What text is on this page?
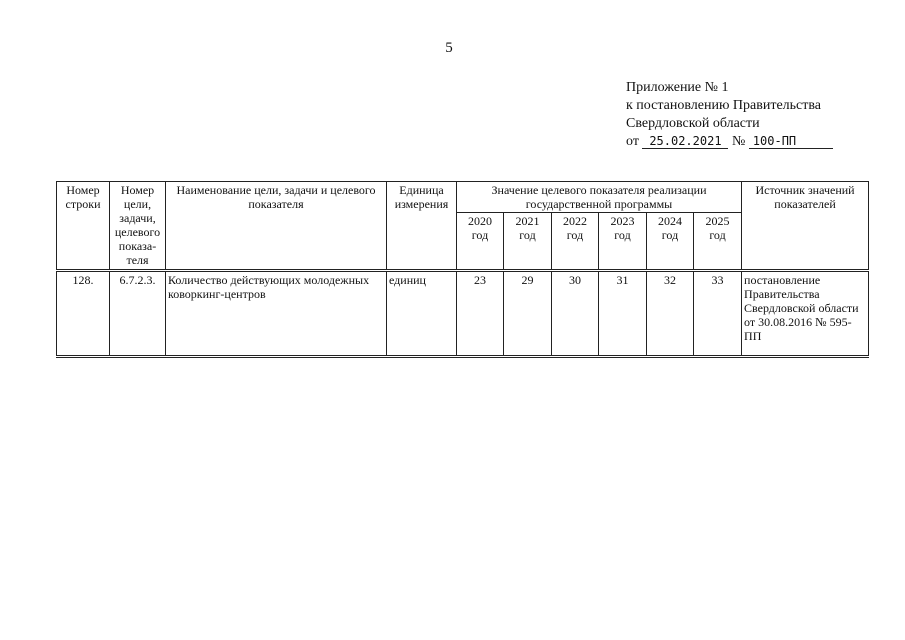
5
Приложение № 1
к постановлению Правительства
Свердловской области
от 25.02.2021 № 100-ПП
Номер строки	Номер цели, задачи, целевого показа-теля	Наименование цели, задачи и целевого показателя	Единица измерения	Значение целевого показателя реализации государственной программы						Источник значений показателей
				2020 год	2021 год	2022 год	2023 год	2024 год	2025 год	
128.	6.7.2.3.	Количество действующих молодежных коворкинг-центров	единиц	23	29	30	31	32	33	постановление Правительства Свердловской области от 30.08.2016 № 595-ПП
